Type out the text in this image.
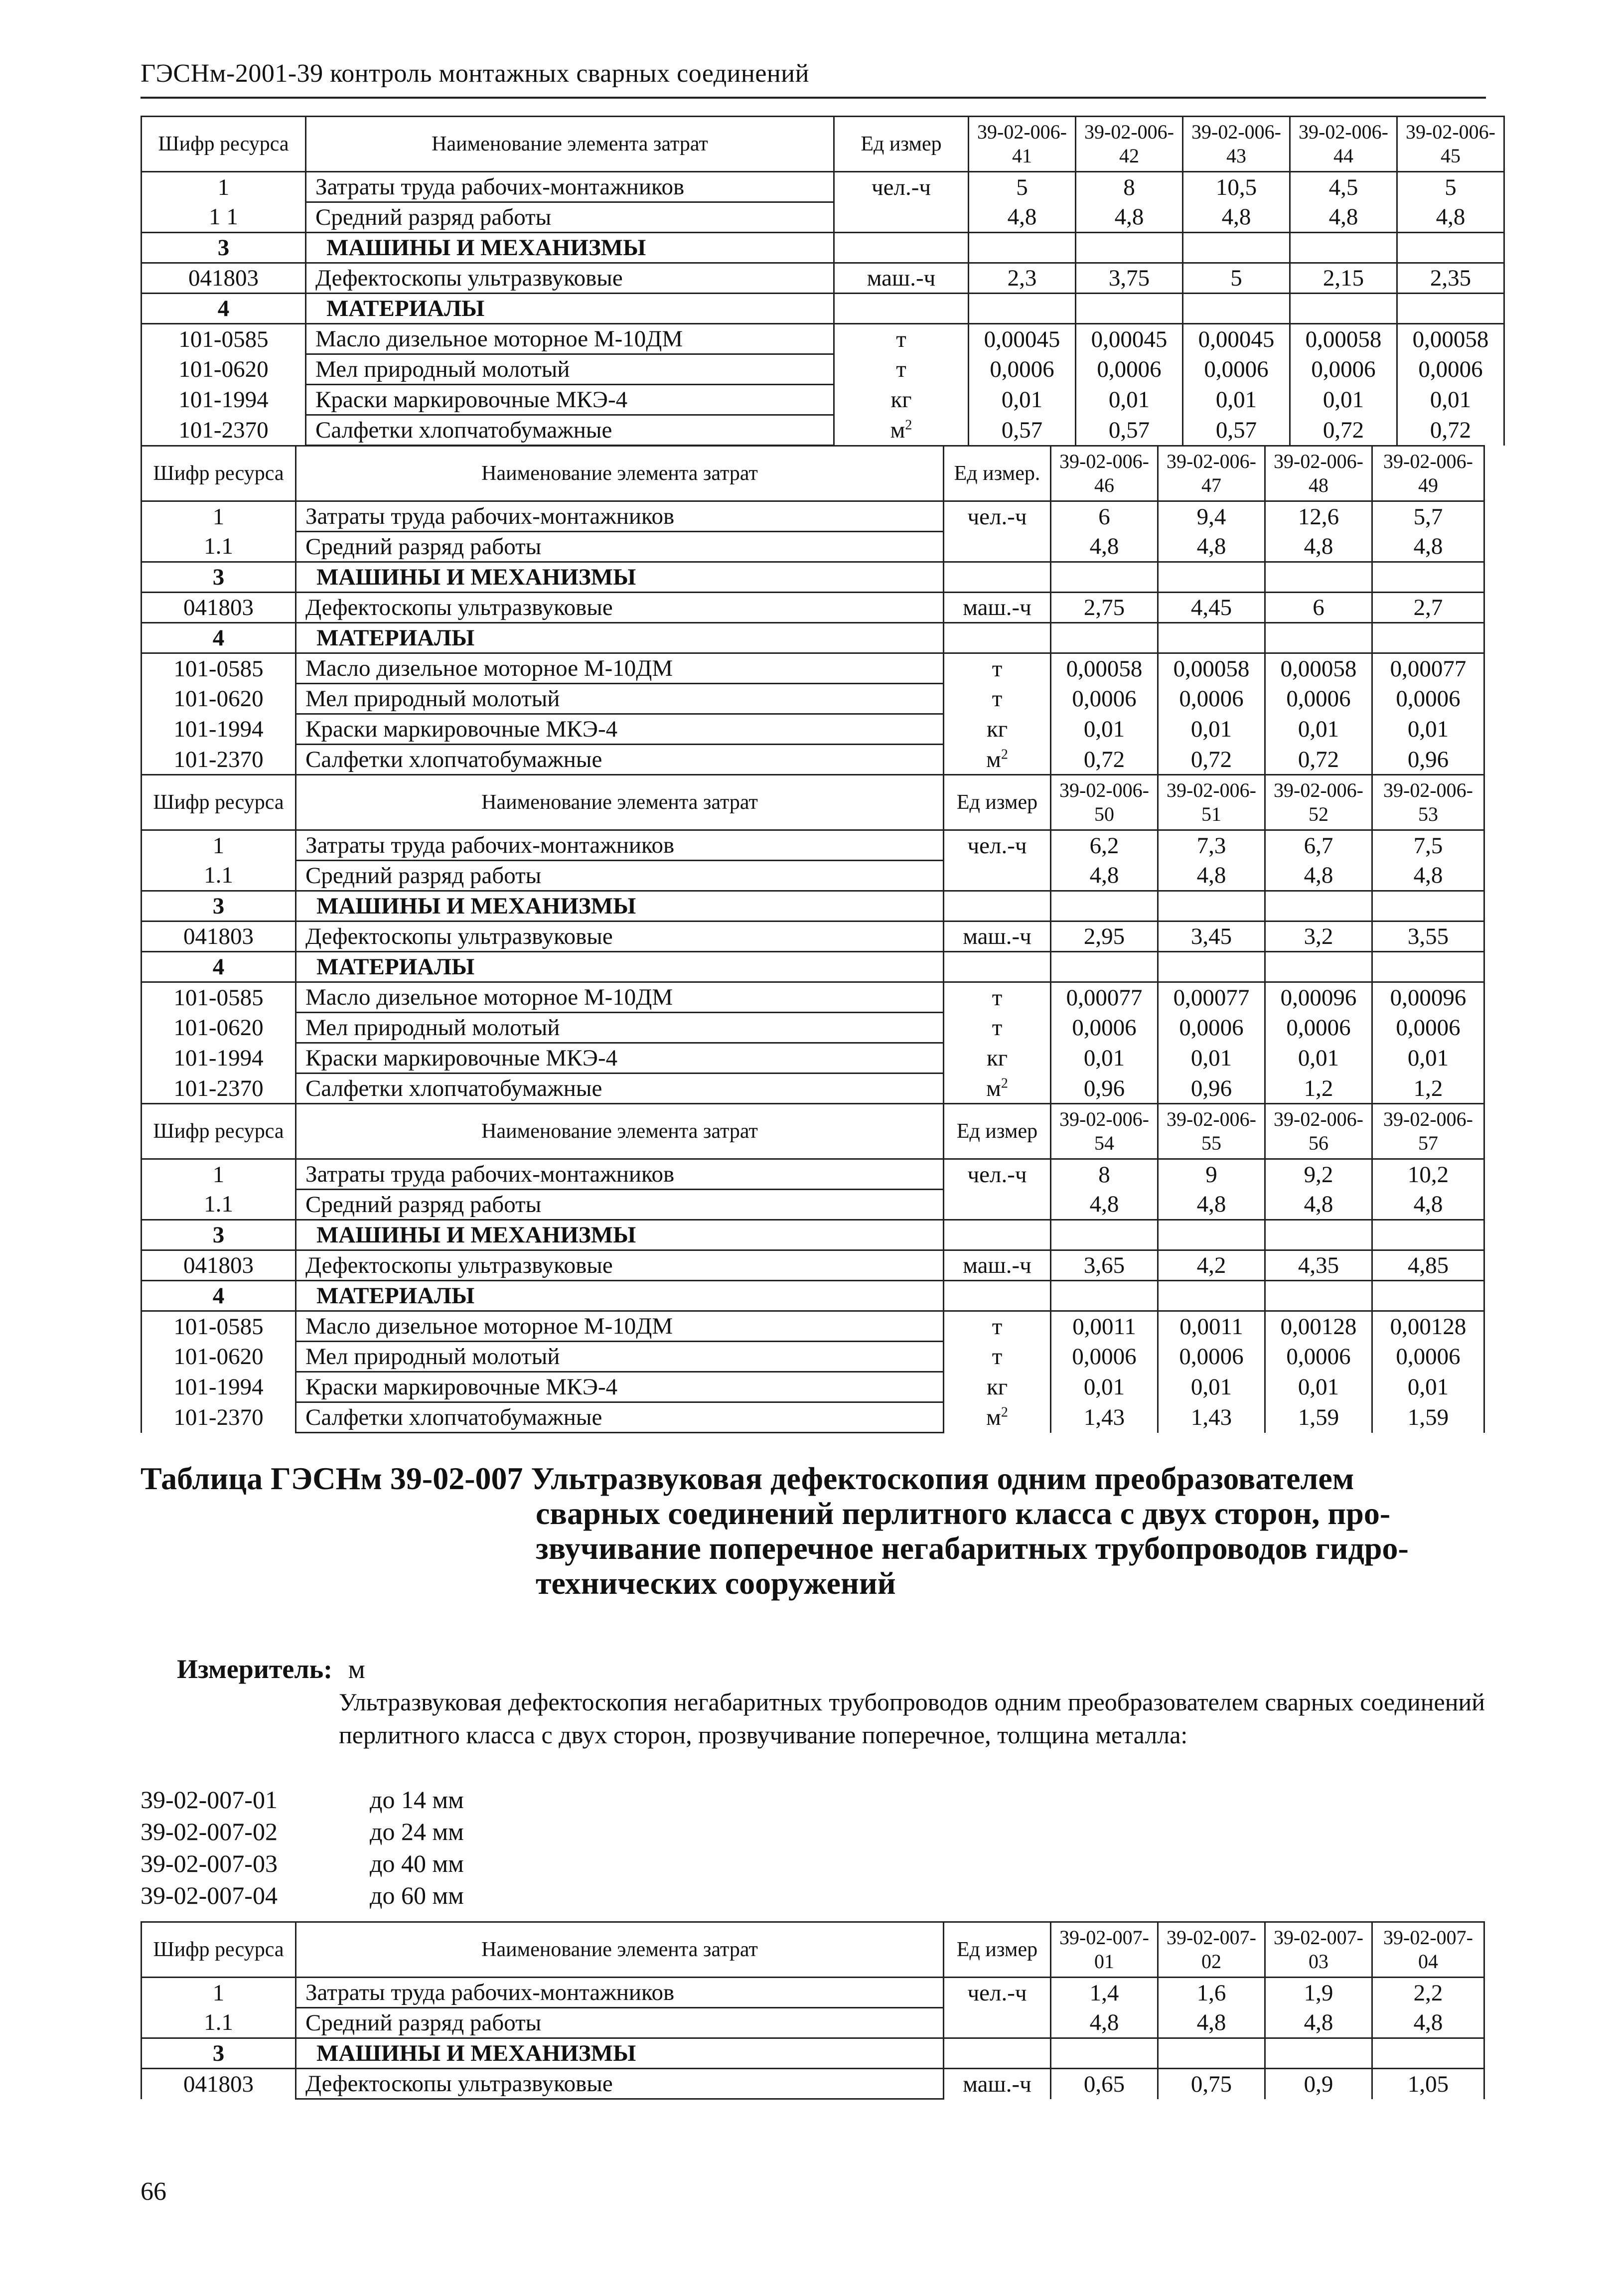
ГЭСНм-2001-39 контроль монтажных сварных соединений
Шифр ресурса	Наименование элемента затрат	Ед измер	39-02-006-41	39-02-006-42	39-02-006-43	39-02-006-44	39-02-006-45
1	Затраты труда рабочих-монтажников	чел.-ч	5	8	10,5	4,5	5
1 1	Средний разряд работы		4,8	4,8	4,8	4,8	4,8
3	МАШИНЫ И МЕХАНИЗМЫ						
041803	Дефектоскопы ультразвуковые	маш.-ч	2,3	3,75	5	2,15	2,35
4	МАТЕРИАЛЫ						
101-0585	Масло дизельное моторное М-10ДМ	т	0,00045	0,00045	0,00045	0,00058	0,00058
101-0620	Мел природный молотый	т	0,0006	0,0006	0,0006	0,0006	0,0006
101-1994	Краски маркировочные МКЭ-4	кг	0,01	0,01	0,01	0,01	0,01
101-2370	Салфетки хлопчатобумажные	$м^2$	0,57	0,57	0,57	0,72	0,72
Шифр ресурса	Наименование элемента затрат	Ед измер.	39-02-006-46	39-02-006-47	39-02-006-48	39-02-006-49
1	Затраты труда рабочих-монтажников	чел.-ч	6	9,4	12,6	5,7
1.1	Средний разряд работы		4,8	4,8	4,8	4,8
3	МАШИНЫ И МЕХАНИЗМЫ					
041803	Дефектоскопы ультразвуковые	маш.-ч	2,75	4,45	6	2,7
4	МАТЕРИАЛЫ					
101-0585	Масло дизельное моторное М-10ДМ	т	0,00058	0,00058	0,00058	0,00077
101-0620	Мел природный молотый	т	0,0006	0,0006	0,0006	0,0006
101-1994	Краски маркировочные МКЭ-4	кг	0,01	0,01	0,01	0,01
101-2370	Салфетки хлопчатобумажные	$м^2$	0,72	0,72	0,72	0,96
Шифр ресурса	Наименование элемента затрат	Ед измер	39-02-006-50	39-02-006-51	39-02-006-52	39-02-006-53
1	Затраты труда рабочих-монтажников	чел.-ч	6,2	7,3	6,7	7,5
1.1	Средний разряд работы		4,8	4,8	4,8	4,8
3	МАШИНЫ И МЕХАНИЗМЫ					
041803	Дефектоскопы ультразвуковые	маш.-ч	2,95	3,45	3,2	3,55
4	МАТЕРИАЛЫ					
101-0585	Масло дизельное моторное М-10ДМ	т	0,00077	0,00077	0,00096	0,00096
101-0620	Мел природный молотый	т	0,0006	0,0006	0,0006	0,0006
101-1994	Краски маркировочные МКЭ-4	кг	0,01	0,01	0,01	0,01
101-2370	Салфетки хлопчатобумажные	$м^2$	0,96	0,96	1,2	1,2
Шифр ресурса	Наименование элемента затрат	Ед измер	39-02-006-54	39-02-006-55	39-02-006-56	39-02-006-57
1	Затраты труда рабочих-монтажников	чел.-ч	8	9	9,2	10,2
1.1	Средний разряд работы		4,8	4,8	4,8	4,8
3	МАШИНЫ И МЕХАНИЗМЫ					
041803	Дефектоскопы ультразвуковые	маш.-ч	3,65	4,2	4,35	4,85
4	МАТЕРИАЛЫ					
101-0585	Масло дизельное моторное М-10ДМ	т	0,0011	0,0011	0,00128	0,00128
101-0620	Мел природный молотый	т	0,0006	0,0006	0,0006	0,0006
101-1994	Краски маркировочные МКЭ-4	кг	0,01	0,01	0,01	0,01
101-2370	Салфетки хлопчатобумажные	$м^2$	1,43	1,43	1,59	1,59
Шифр ресурса	Наименование элемента затрат	Ед измер	39-02-007-01	39-02-007-02	39-02-007-03	39-02-007-04
1	Затраты труда рабочих-монтажников	чел.-ч	1,4	1,6	1,9	2,2
1.1	Средний разряд работы		4,8	4,8	4,8	4,8
3	МАШИНЫ И МЕХАНИЗМЫ					
041803	Дефектоскопы ультразвуковые	маш.-ч	0,65	0,75	0,9	1,05
Таблица ГЭСНм 39-02-007 Ультразвуковая дефектоскопия одним преобразователем
сварных соединений перлитного класса с двух сторон, про-
звучивание поперечное негабаритных трубопроводов гидро-
технических сооружений
Измеритель: м
Ультразвуковая дефектоскопия негабаритных трубопроводов одним преобразователем сварных соединений перлитного класса с двух сторон, прозвучивание поперечное, толщина металла:
39-02-007-01	до 14 мм
39-02-007-02	до 24 мм
39-02-007-03	до 40 мм
39-02-007-04	до 60 мм
66
